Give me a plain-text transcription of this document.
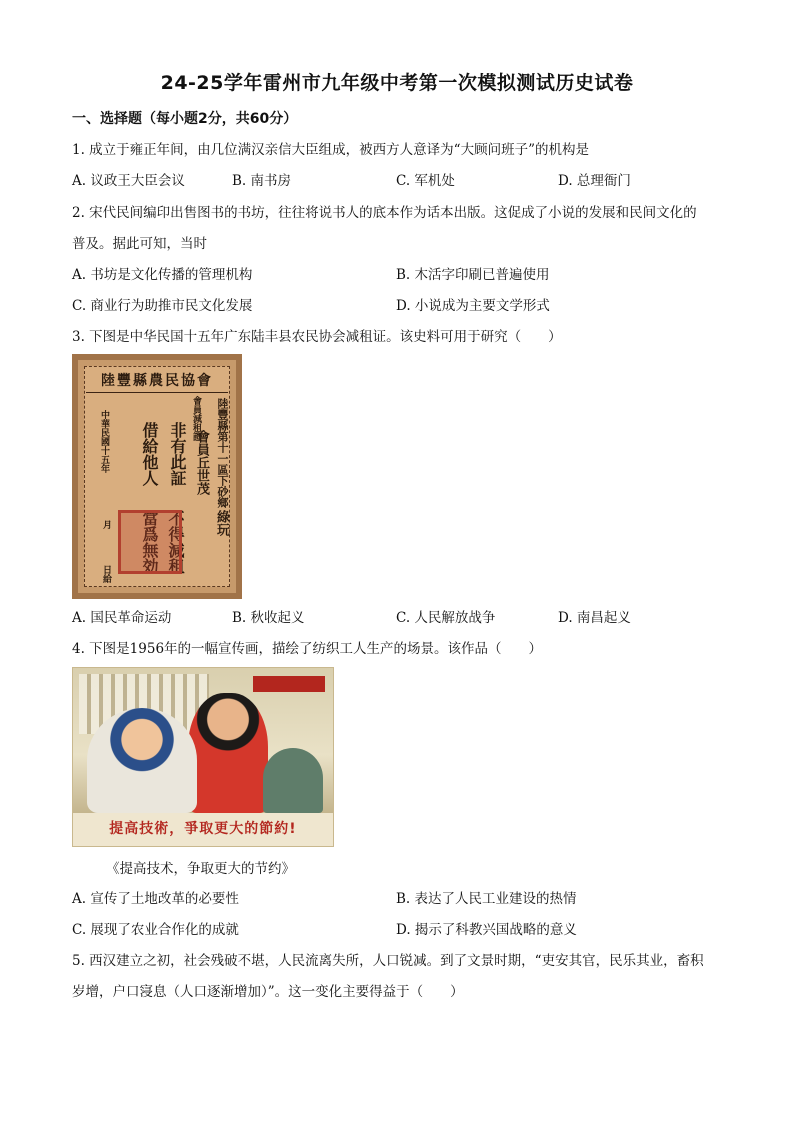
24-25学年雷州市九年级中考第一次模拟测试历史试卷
一、选择题（每小题2分，共60分）
1. 成立于雍正年间，由几位满汉亲信大臣组成，被西方人意译为“大顾问班子”的机构是
A. 议政王大臣会议	B. 南书房	C. 军机处	D. 总理衙门
2. 宋代民间编印出售图书的书坊，往往将说书人的底本作为话本出版。这促成了小说的发展和民间文化的
普及。据此可知，当时
A. 书坊是文化传播的管理机构	B. 木活字印刷已普遍使用
C. 商业行为助推市民文化发展	D. 小说成为主要文学形式
3. 下图是中华民国十五年广东陆丰县农民协会减租证。该史料可用于研究（　　）
陸豐縣農民協會
會員減租證 陸豐縣第十一區下砂鄉
會員丘世茂
非有此証
借給他人
不得減租
當爲無効	綠玩
中華民國十五年
月
日給
A. 国民革命运动	B. 秋收起义	C. 人民解放战争	D. 南昌起义
4. 下图是1956年的一幅宣传画，描绘了纺织工人生产的场景。该作品（　　）
提高技術，爭取更大的節約!
《提高技术，争取更大的节约》
A. 宣传了土地改革的必要性	B. 表达了人民工业建设的热情
C. 展现了农业合作化的成就	D. 揭示了科教兴国战略的意义
5. 西汉建立之初，社会残破不堪，人民流离失所，人口锐减。到了文景时期，“吏安其官，民乐其业，畜积
岁增，户口寖息（人口逐渐增加）”。这一变化主要得益于（　　）
